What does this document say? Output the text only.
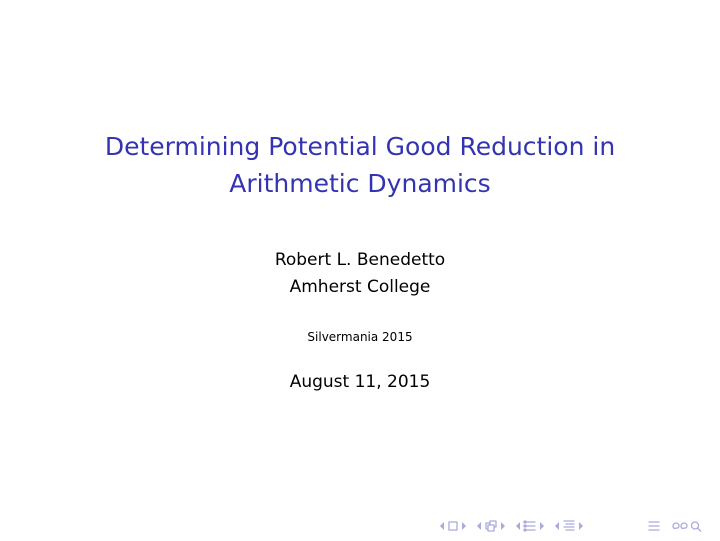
Determining Potential Good Reduction in
Arithmetic Dynamics
Robert L. Benedetto
Amherst College
Silvermania 2015
August 11, 2015
